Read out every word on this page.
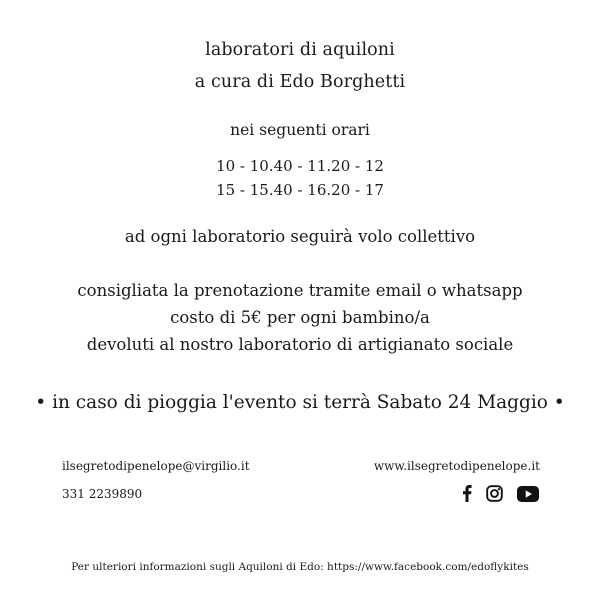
laboratori di aquiloni
a cura di Edo Borghetti
nei seguenti orari
10 - 10.40 - 11.20 - 12
15 - 15.40 - 16.20 - 17
ad ogni laboratorio seguirà volo collettivo
consigliata la prenotazione tramite email o whatsapp
costo di 5€ per ogni bambino/a
devoluti al nostro laboratorio di artigianato sociale
• in caso di pioggia l'evento si terrà Sabato 24 Maggio •
ilsegretodipenelope@virgilio.it	www.ilsegretodipenelope.it
331 2239890
Per ulteriori informazioni sugli Aquiloni di Edo: https://www.facebook.com/edoflykites
